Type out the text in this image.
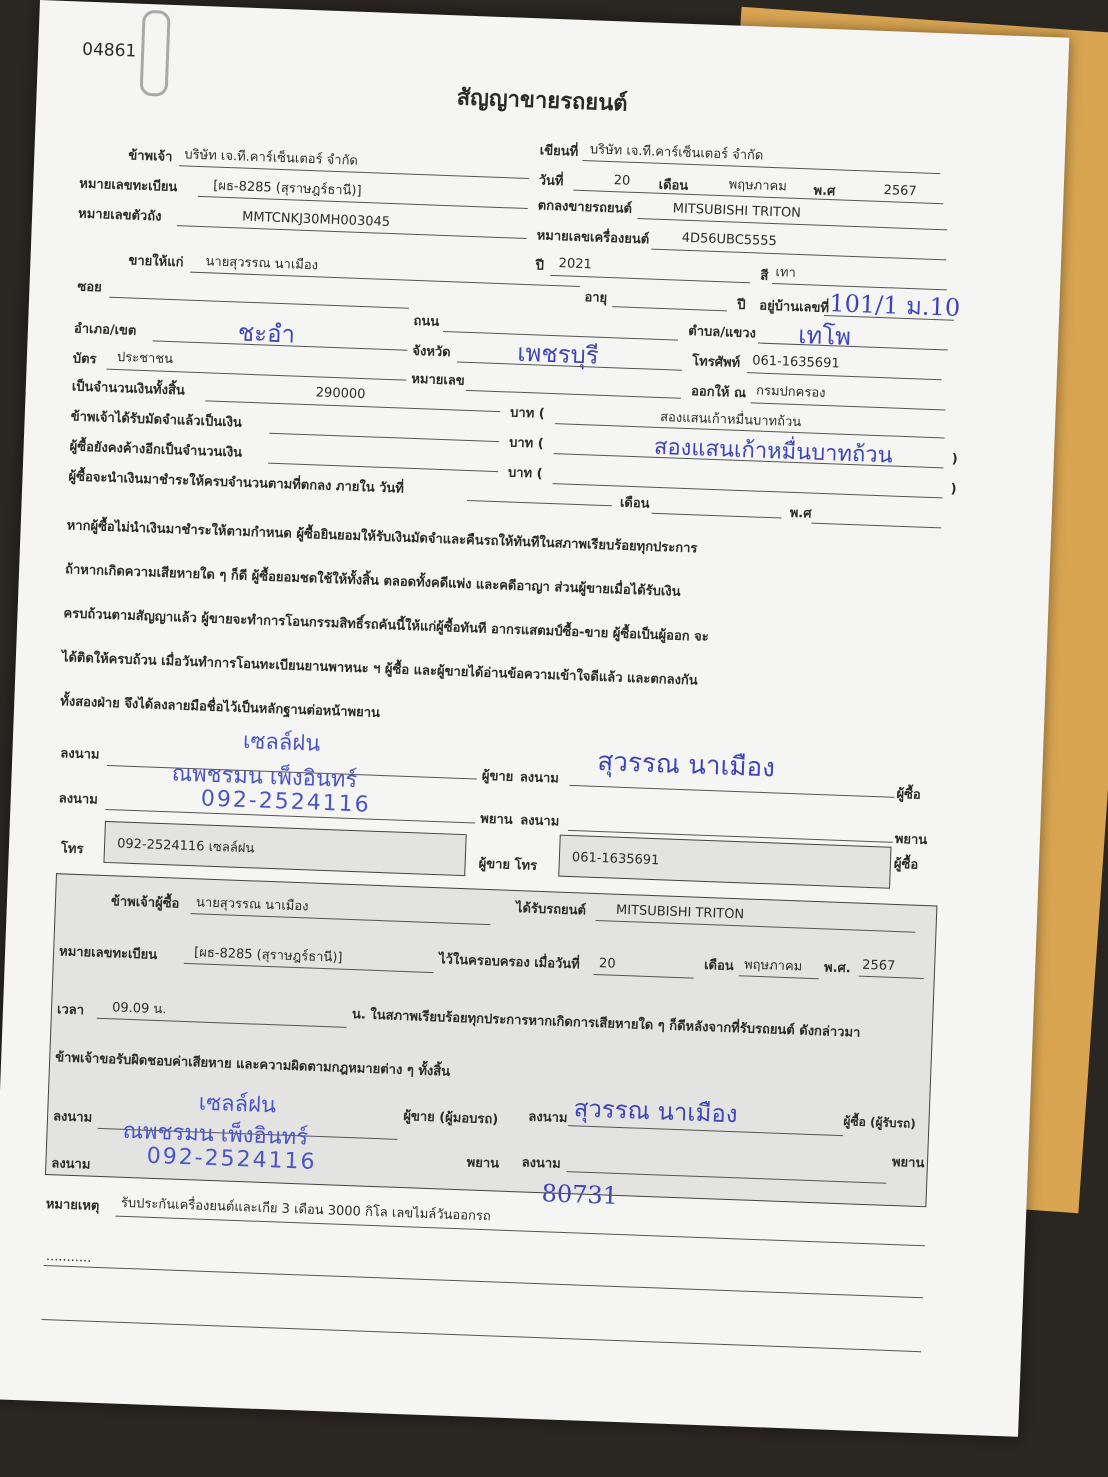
04861
สัญญาขายรถยนต์
เขียนที่ บริษัท เจ.ที.คาร์เซ็นเตอร์ จำกัด
วันที่	20 เดือน	พฤษภาคม พ.ศ	2567
ข้าพเจ้า บริษัท เจ.ที.คาร์เซ็นเตอร์ จำกัด
หมายเลขทะเบียน	[ผธ-8285 (สุราษฎร์ธานี)]
ตกลงขายรถยนต์	MITSUBISHI TRITON
หมายเลขตัวถัง	MMTCNKJ30MH003045
หมายเลขเครื่องยนต์ 4D56UBC5555
ปี 2021
สี เทา
ขายให้แก่ นายสุวรรณ นาเมือง
ซอย
อายุ	ปี อยู่บ้านเลขที่ 101/1 ม.10
ถนน
ตำบล/แขวง เทโพ
อำเภอ/เขต	ชะอำ
จังหวัด	เพชรบุรี	โทรศัพท์ 061-1635691
บัตร ประชาชน
หมายเลข
ออกให้ ณ กรมปกครอง
เป็นจำนวนเงินทั้งสิ้น	290000
บาท (	สองแสนเก้าหมื่นบาทถ้วน
ข้าพเจ้าได้รับมัดจำแล้วเป็นเงิน
บาท (	สองแสนเก้าหมื่นบาทถ้วน	)
ผู้ซื้อยังคงค้างอีกเป็นจำนวนเงิน
บาท (
)
ผู้ซื้อจะนำเงินมาชำระให้ครบจำนวนตามที่ตกลง ภายใน วันที่
เดือน
พ.ศ
หากผู้ซื้อไม่นำเงินมาชำระให้ตามกำหนด ผู้ซื้อยินยอมให้รับเงินมัดจำและคืนรถให้ทันทีในสภาพเรียบร้อยทุกประการ
ถ้าหากเกิดความเสียหายใด ๆ ก็ดี ผู้ซื้อยอมชดใช้ให้ทั้งสิ้น ตลอดทั้งคดีแพ่ง และคดีอาญา ส่วนผู้ขายเมื่อได้รับเงิน
ครบถ้วนตามสัญญาแล้ว ผู้ขายจะทำการโอนกรรมสิทธิ์รถคันนี้ให้แก่ผู้ซื้อทันที อากรแสตมป์ซื้อ-ขาย ผู้ซื้อเป็นผู้ออก จะ
ได้ติดให้ครบถ้วน เมื่อวันทำการโอนทะเบียนยานพาหนะ ฯ ผู้ซื้อ และผู้ขายได้อ่านข้อความเข้าใจดีแล้ว และตกลงกัน
ทั้งสองฝ่าย จึงได้ลงลายมือชื่อไว้เป็นหลักฐานต่อหน้าพยาน
เซลล์ฝน
ลงนาม
ผู้ขาย ลงนาม สุวรรณ นาเมือง
ผู้ซื้อ
ณพชรมน เพ็งอินทร์
092-2524116
ลงนาม
พยาน ลงนาม
พยาน
โทร	092-2524116 เซลล์ฝน
ผู้ขาย โทร	061-1635691	ผู้ซื้อ
ข้าพเจ้าผู้ซื้อ นายสุวรรณ นาเมือง	ได้รับรถยนต์ MITSUBISHI TRITON
หมายเลขทะเบียน	[ผธ-8285 (สุราษฎร์ธานี)]	ไว้ในครอบครอง เมื่อวันที่ 20	เดือน พฤษภาคม พ.ศ. 2567
เวลา 09.09 น.	น. ในสภาพเรียบร้อยทุกประการหากเกิดการเสียหายใด ๆ ก็ดีหลังจากที่รับรถยนต์ ดังกล่าวมา
ข้าพเจ้าขอรับผิดชอบค่าเสียหาย และความผิดตามกฎหมายต่าง ๆ ทั้งสิ้น
เซลล์ฝน
ลงนาม	ผู้ขาย (ผู้มอบรถ) ลงนาม สุวรรณ นาเมือง	ผู้ซื้อ (ผู้รับรถ)
ณพชรมน เพ็งอินทร์
092-2524116
ลงนาม	พยาน ลงนาม	พยาน
หมายเหตุ รับประกันเครื่องยนต์และเกีย 3 เดือน 3000 กิโล เลขไมล์วันออกรถ
80731
...........
